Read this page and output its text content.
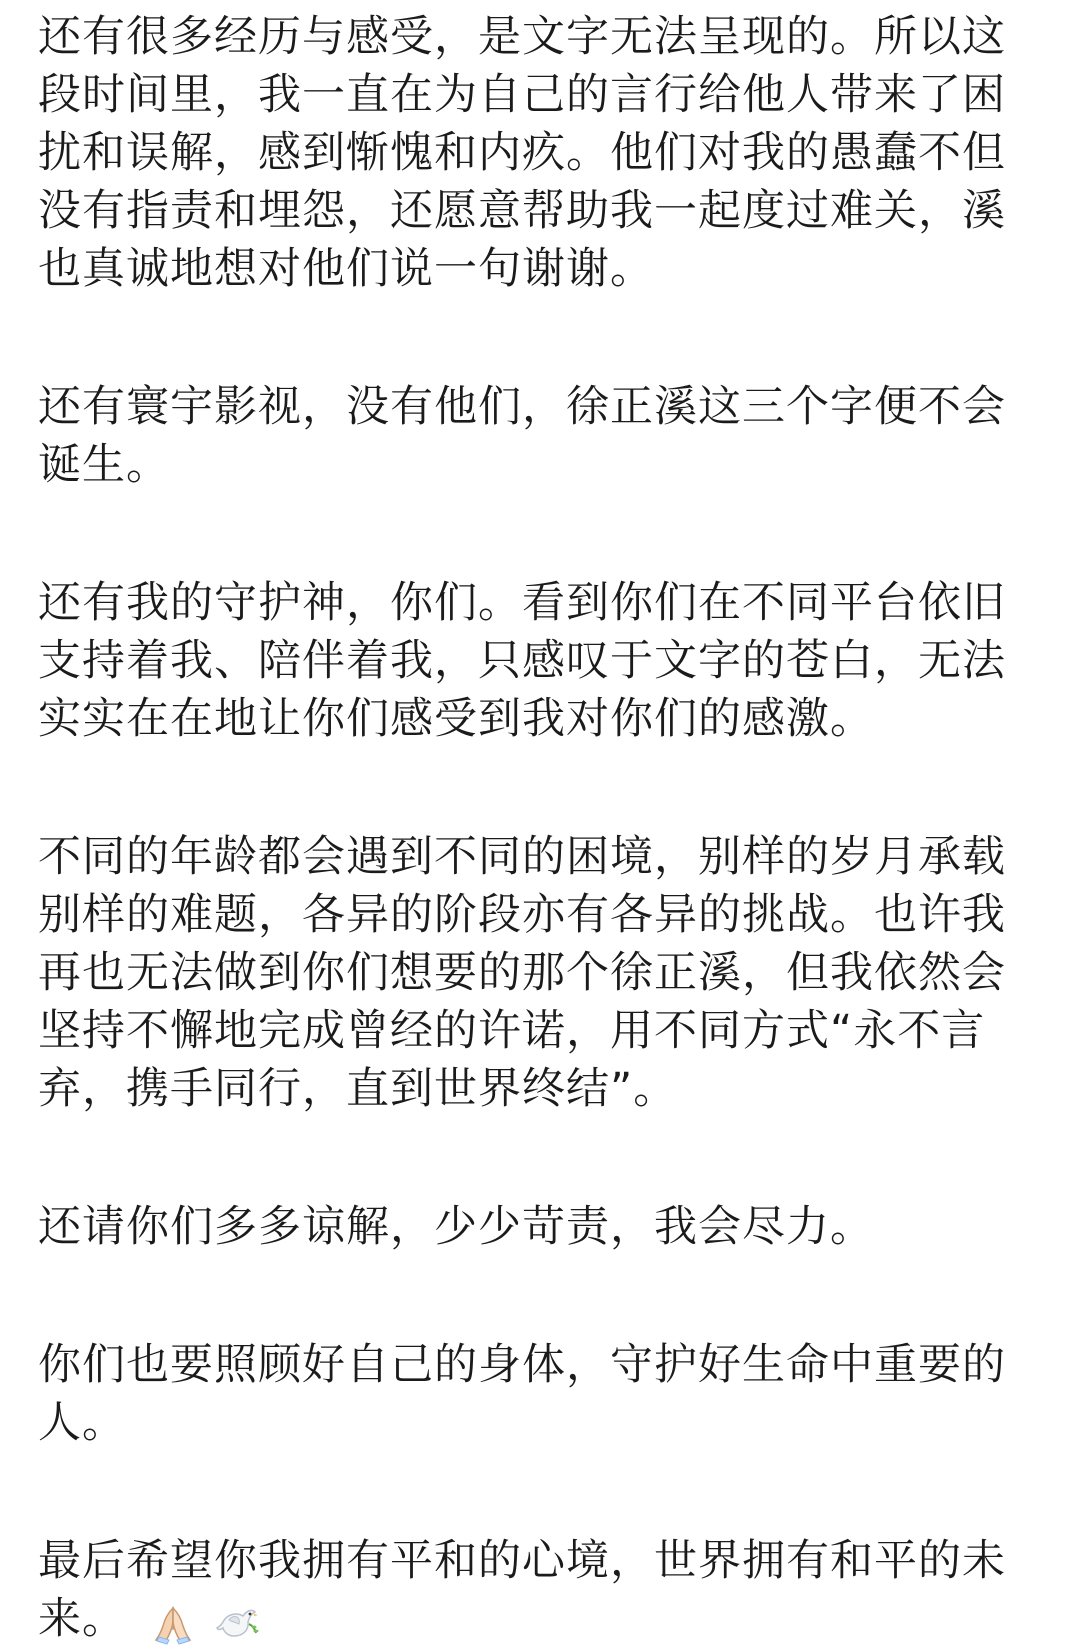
还有很多经历与感受，是文字无法呈现的。所以这
段时间里，我一直在为自己的言行给他人带来了困
扰和误解，感到惭愧和内疚。他们对我的愚蠢不但
没有指责和埋怨，还愿意帮助我一起度过难关，溪
也真诚地想对他们说一句谢谢。

还有寰宇影视，没有他们，徐正溪这三个字便不会
诞生。

还有我的守护神，你们。看到你们在不同平台依旧
支持着我、陪伴着我，只感叹于文字的苍白，无法
实实在在地让你们感受到我对你们的感激。

不同的年龄都会遇到不同的困境，别样的岁月承载
别样的难题，各异的阶段亦有各异的挑战。也许我
再也无法做到你们想要的那个徐正溪，但我依然会
坚持不懈地完成曾经的许诺，用不同方式“永不言
弃，携手同行，直到世界终结”。

还请你们多多谅解，少少苛责，我会尽力。

你们也要照顾好自己的身体，守护好生命中重要的
人。

最后希望你我拥有平和的心境，世界拥有和平的未
来。
